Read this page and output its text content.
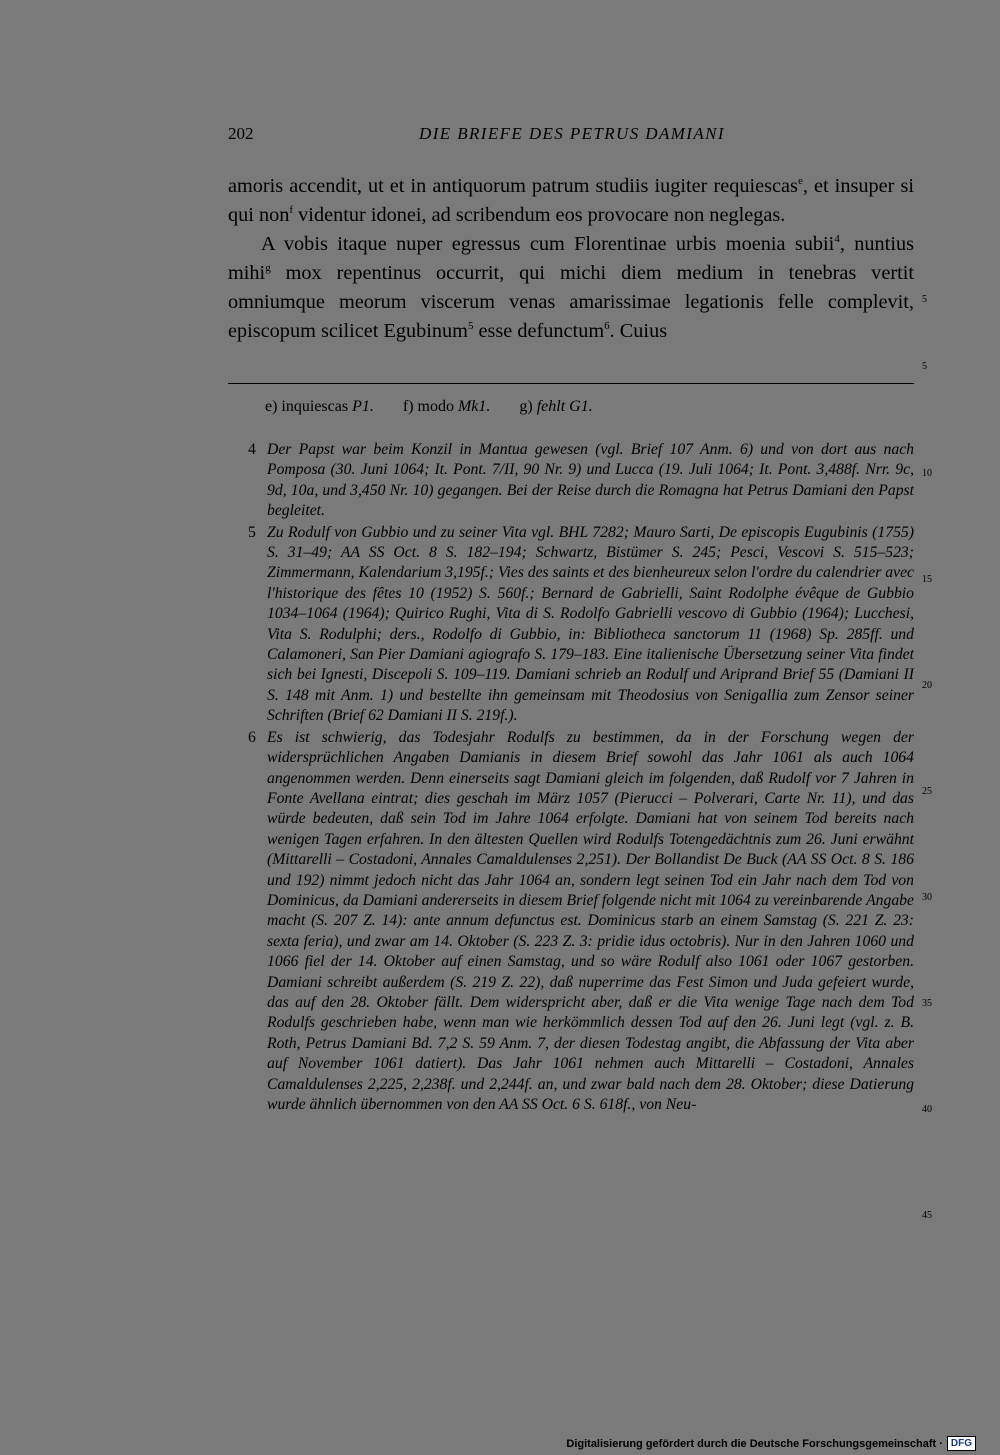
202	DIE BRIEFE DES PETRUS DAMIANI

amoris accendit, ut et in antiquorum patrum studiis iugiter requiescas$^e$, et insuper si qui non$^f$ videntur idonei, ad scribendum eos provocare non neglegas.

A vobis itaque nuper egressus cum Florentinae urbis moenia subii$^4$, nuntius mihi$^g$ mox repentinus occurrit, qui michi diem medium in tenebras vertit omniumque meorum viscerum venas amarissimae legationis felle complevit, episcopum scilicet Egubinum$^5$ esse defunctum$^6$. Cuius

e) inquiescas P1. f) modo Mk1. g) fehlt G1.
4 Der Papst war beim Konzil in Mantua gewesen (vgl. Brief 107 Anm. 6) und von dort aus nach Pomposa (30. Juni 1064; It. Pont. 7/II, 90 Nr. 9) und Lucca (19. Juli 1064; It. Pont. 3,488f. Nrr. 9c, 9d, 10a, und 3,450 Nr. 10) gegangen. Bei der Reise durch die Romagna hat Petrus Damiani den Papst begleitet.
5 Zu Rodulf von Gubbio und zu seiner Vita vgl. BHL 7282; Mauro Sarti, De episcopis Eugubinis (1755) S. 31–49; AA SS Oct. 8 S. 182–194; Schwartz, Bistümer S. 245; Pesci, Vescovi S. 515–523; Zimmermann, Kalendarium 3,195f.; Vies des saints et des bienheureux selon l'ordre du calendrier avec l'historique des fêtes 10 (1952) S. 560f.; Bernard de Gabrielli, Saint Rodolphe évêque de Gubbio 1034–1064 (1964); Quirico Rughi, Vita di S. Rodolfo Gabrielli vescovo di Gubbio (1964); Lucchesi, Vita S. Rodulphi; ders., Rodolfo di Gubbio, in: Bibliotheca sanctorum 11 (1968) Sp. 285ff. und Calamoneri, San Pier Damiani agiografo S. 179–183. Eine italienische Übersetzung seiner Vita findet sich bei Ignesti, Discepoli S. 109–119. Damiani schrieb an Rodulf und Ariprand Brief 55 (Damiani II S. 148 mit Anm. 1) und bestellte ihn gemeinsam mit Theodosius von Senigallia zum Zensor seiner Schriften (Brief 62 Damiani II S. 219f.).
6 Es ist schwierig, das Todesjahr Rodulfs zu bestimmen, da in der Forschung wegen der widersprüchlichen Angaben Damianis in diesem Brief sowohl das Jahr 1061 als auch 1064 angenommen werden. Denn einerseits sagt Damiani gleich im folgenden, daß Rudolf vor 7 Jahren in Fonte Avellana eintrat; dies geschah im März 1057 (Pierucci – Polverari, Carte Nr. 11), und das würde bedeuten, daß sein Tod im Jahre 1064 erfolgte. Damiani hat von seinem Tod bereits nach wenigen Tagen erfahren. In den ältesten Quellen wird Rodulfs Totengedächtnis zum 26. Juni erwähnt (Mittarelli – Costadoni, Annales Camaldulenses 2,251). Der Bollandist De Buck (AA SS Oct. 8 S. 186 und 192) nimmt jedoch nicht das Jahr 1064 an, sondern legt seinen Tod ein Jahr nach dem Tod von Dominicus, da Damiani andererseits in diesem Brief folgende nicht mit 1064 zu vereinbarende Angabe macht (S. 207 Z. 14): ante annum defunctus est. Dominicus starb an einem Samstag (S. 221 Z. 23: sexta feria), und zwar am 14. Oktober (S. 223 Z. 3: pridie idus octobris). Nur in den Jahren 1060 und 1066 fiel der 14. Oktober auf einen Samstag, und so wäre Rodulf also 1061 oder 1067 gestorben. Damiani schreibt außerdem (S. 219 Z. 22), daß nuperrime das Fest Simon und Juda gefeiert wurde, das auf den 28. Oktober fällt. Dem widerspricht aber, daß er die Vita wenige Tage nach dem Tod Rodulfs geschrieben habe, wenn man wie herkömmlich dessen Tod auf den 26. Juni legt (vgl. z. B. Roth, Petrus Damiani Bd. 7,2 S. 59 Anm. 7, der diesen Todestag angibt, die Abfassung der Vita aber auf November 1061 datiert). Das Jahr 1061 nehmen auch Mittarelli – Costadoni, Annales Camaldulenses 2,225, 2,238f. und 2,244f. an, und zwar bald nach dem 28. Oktober; diese Datierung wurde ähnlich übernommen von den AA SS Oct. 6 S. 618f., von Neu-
5
5
10
15
20
25
30
35
40
45
Digitalisierung gefördert durch die Deutsche Forschungsgemeinschaft · DFG
